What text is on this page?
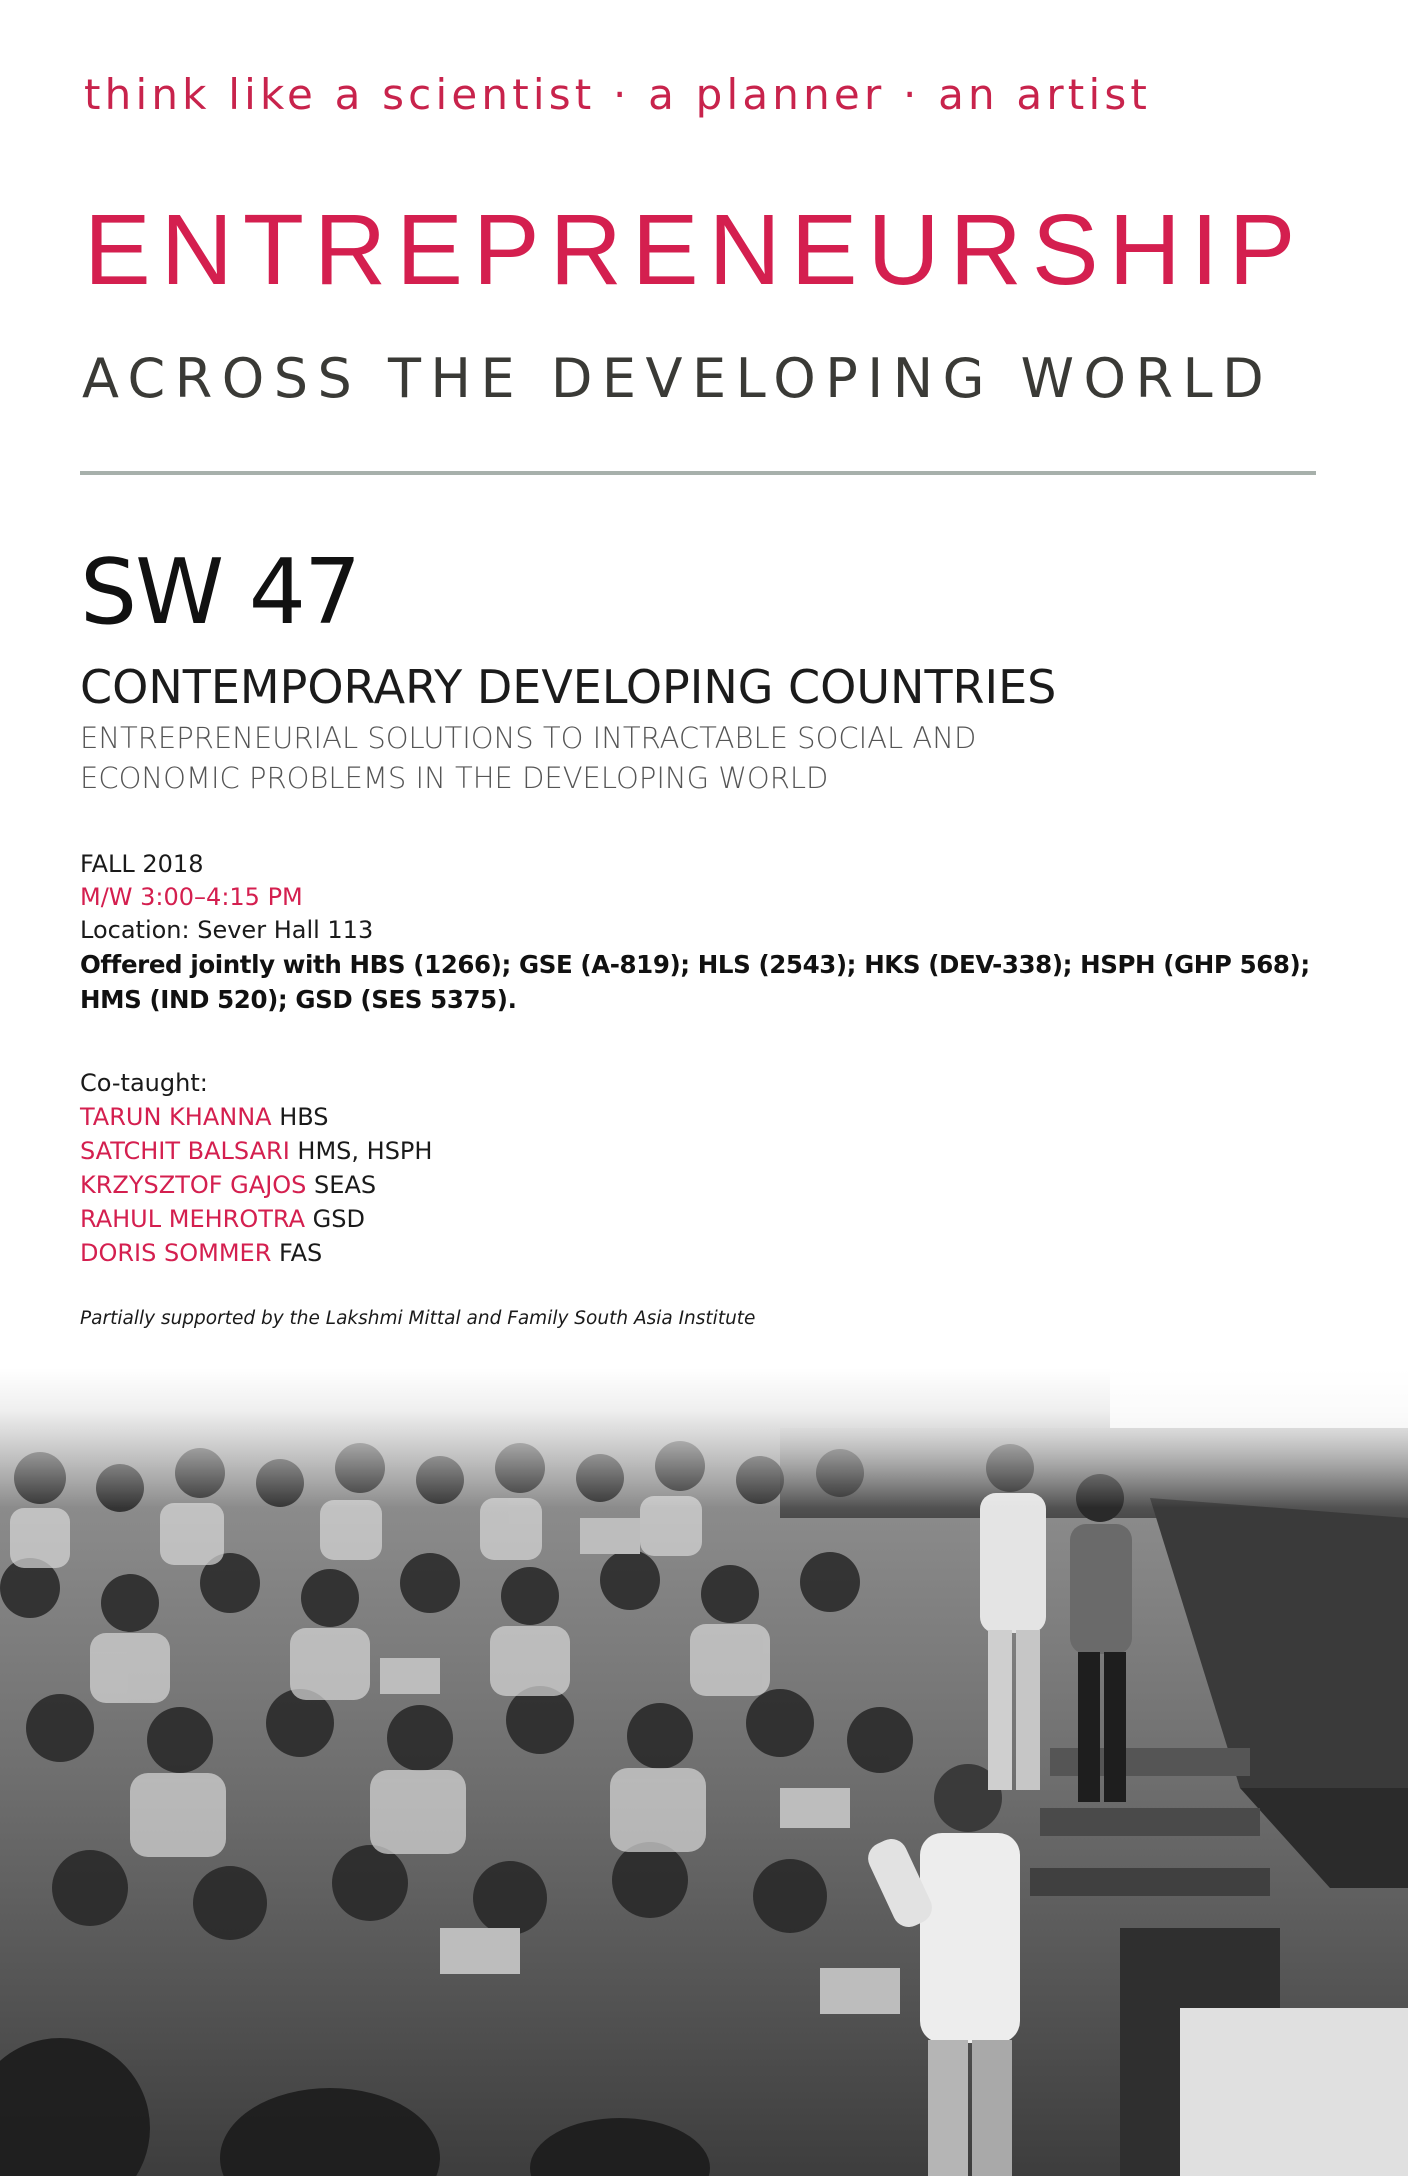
think like a scientist · a planner · an artist
ENTREPRENEURSHIP
ACROSS THE DEVELOPING WORLD
SW 47
CONTEMPORARY DEVELOPING COUNTRIES
ENTREPRENEURIAL SOLUTIONS TO INTRACTABLE SOCIAL AND
ECONOMIC PROBLEMS IN THE DEVELOPING WORLD
FALL 2018
M/W 3:00–4:15 PM
Location: Sever Hall 113
Offered jointly with HBS (1266); GSE (A-819); HLS (2543); HKS (DEV-338); HSPH (GHP 568);
HMS (IND 520); GSD (SES 5375).
Co-taught:
TARUN KHANNA HBS
SATCHIT BALSARI HMS, HSPH
KRZYSZTOF GAJOS SEAS
RAHUL MEHROTRA GSD
DORIS SOMMER FAS
Partially supported by the Lakshmi Mittal and Family South Asia Institute
